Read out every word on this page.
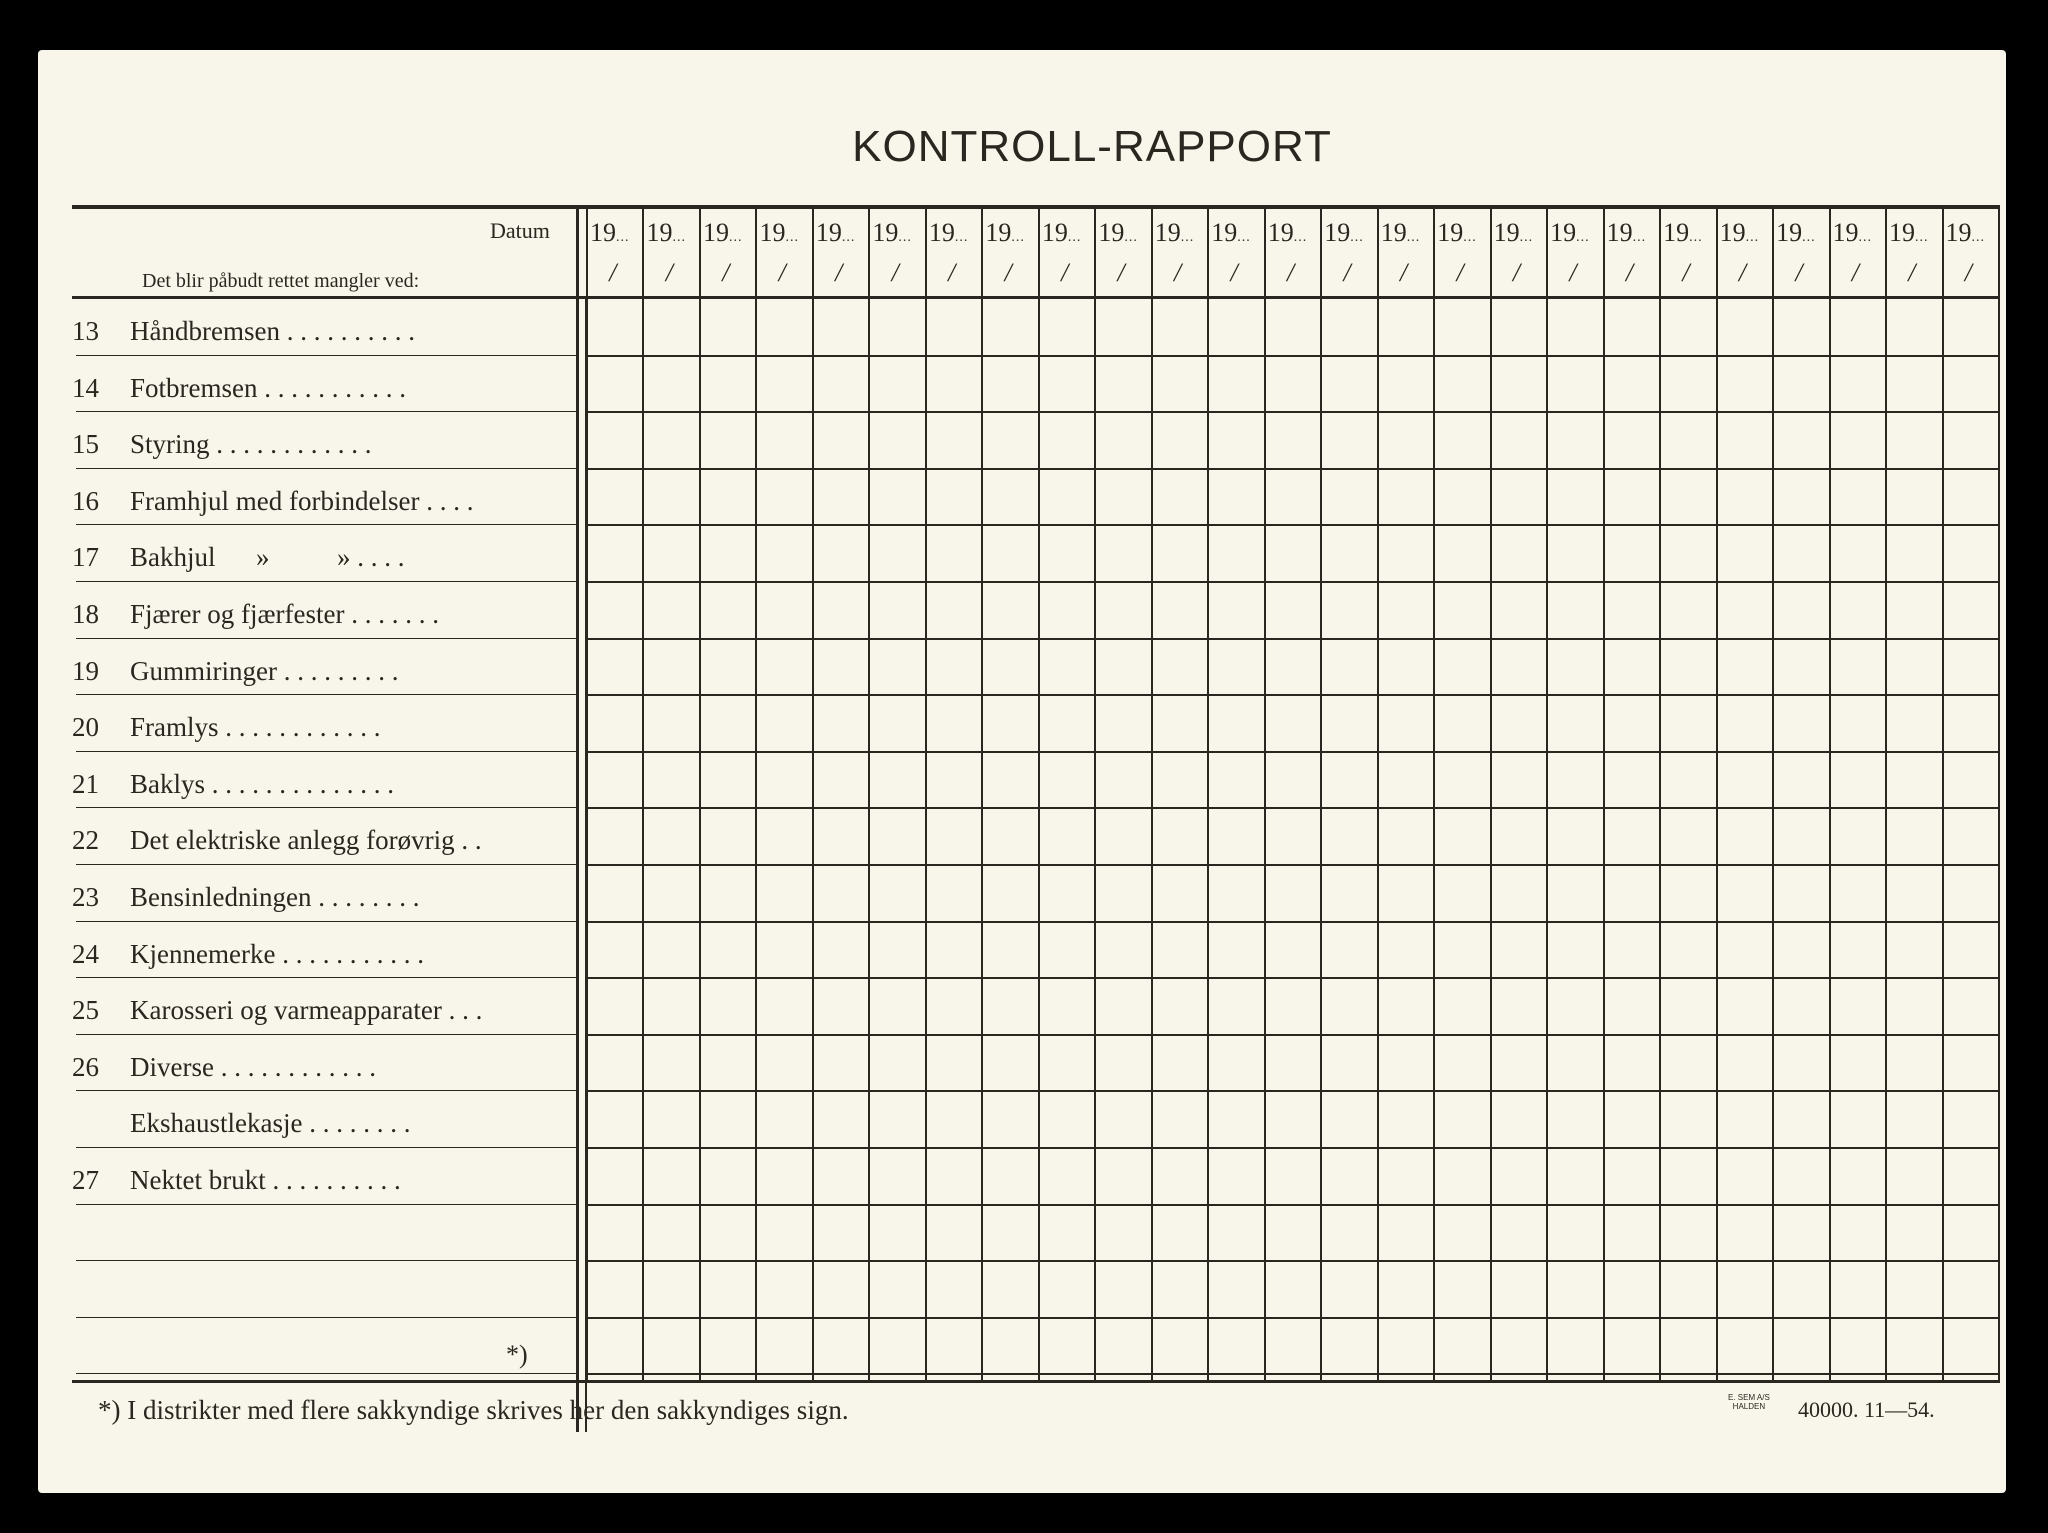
KONTROLL-RAPPORT
Datum
Det blir påbudt rettet mangler ved:
19...
/
19...
/
19...
/
19...
/
19...
/
19...
/
19...
/
19...
/
19...
/
19...
/
19...
/
19...
/
19...
/
19...
/
19...
/
19...
/
19...
/
19...
/
19...
/
19...
/
19...
/
19...
/
19...
/
19...
/
19...
/
13 Håndbremsen . . . . . . . . . .
14 Fotbremsen . . . . . . . . . . .
15 Styring . . . . . . . . . . . .
16 Framhjul med forbindelser . . . .
17 Bakhjul      »          » . . . .
18 Fjærer og fjærfester . . . . . . .
19 Gummiringer . . . . . . . . .
20 Framlys . . . . . . . . . . . .
21 Baklys . . . . . . . . . . . . . .
22 Det elektriske anlegg forøvrig . .
23 Bensinledningen . . . . . . . .
24 Kjennemerke . . . . . . . . . . .
25 Karosseri og varmeapparater . . .
26 Diverse . . . . . . . . . . . .
Ekshaustlekasje . . . . . . . .
27 Nektet brukt . . . . . . . . . .
*)
*) I distrikter med flere sakkyndige skrives her den sakkyndiges sign.	E. SEM A/S
HALDEN 40000. 11—54.
